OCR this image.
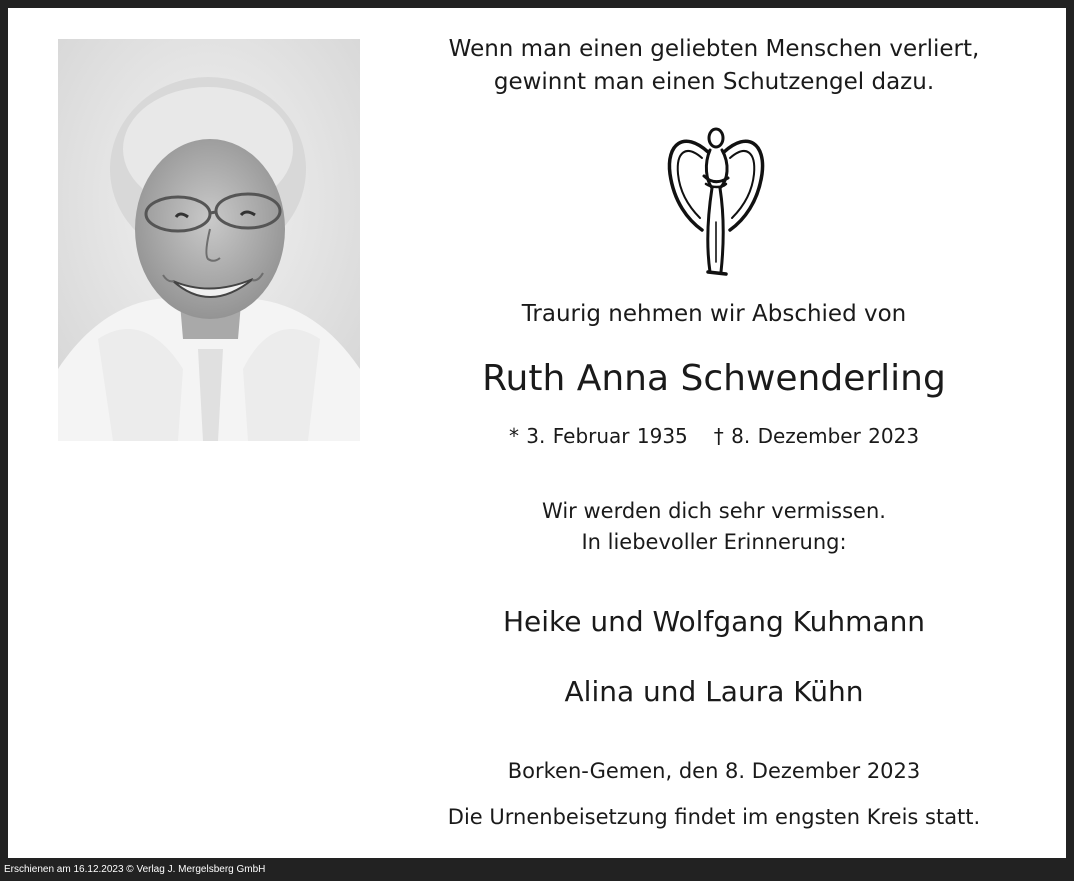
Wenn man einen geliebten Menschen verliert,
gewinnt man einen Schutzengel dazu.
Traurig nehmen wir Abschied von
Ruth Anna Schwenderling
* 3. Februar 1935 † 8. Dezember 2023
Wir werden dich sehr vermissen.
In liebevoller Erinnerung:
Heike und Wolfgang Kuhmann
Alina und Laura Kühn
Borken-Gemen, den 8. Dezember 2023
Die Urnenbeisetzung findet im engsten Kreis statt.
Erschienen am 16.12.2023 © Verlag J. Mergelsberg GmbH
